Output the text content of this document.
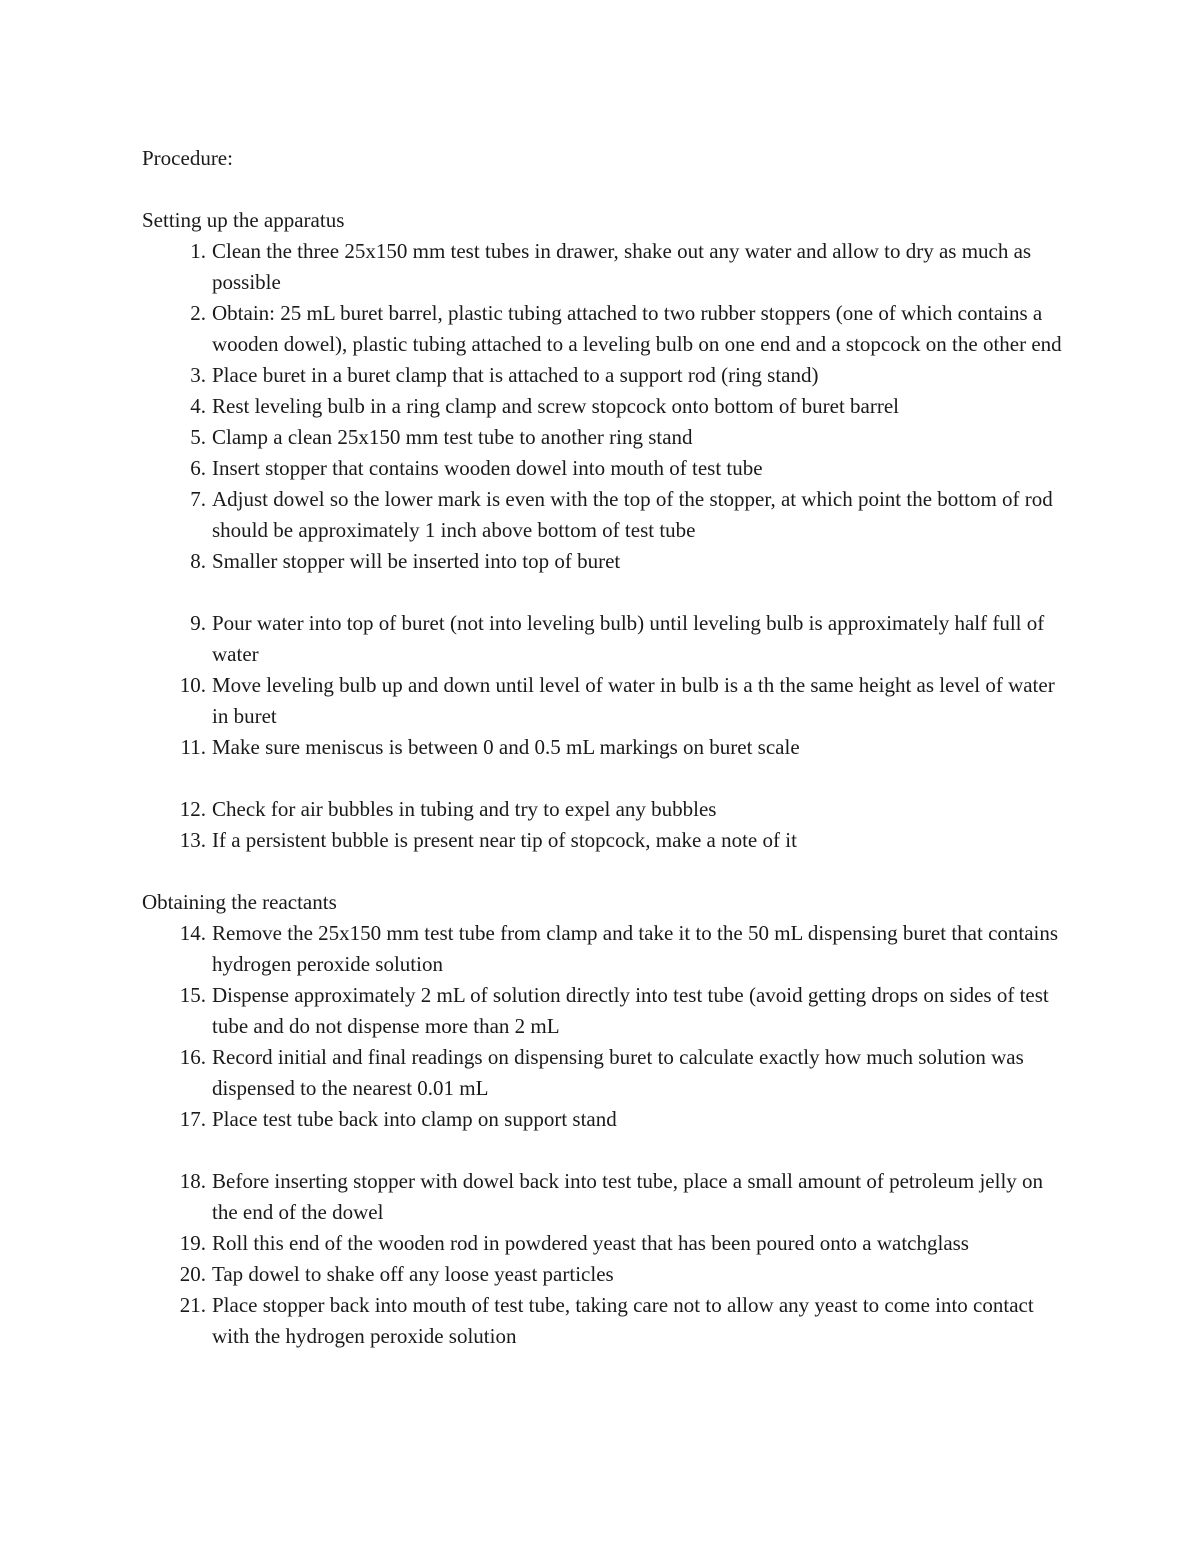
Procedure:

Setting up the apparatus

1. Clean the three 25x150 mm test tubes in drawer, shake out any water and allow to dry as much as possible
2. Obtain: 25 mL buret barrel, plastic tubing attached to two rubber stoppers (one of which contains a wooden dowel), plastic tubing attached to a leveling bulb on one end and a stopcock on the other end
3. Place buret in a buret clamp that is attached to a support rod (ring stand)
4. Rest leveling bulb in a ring clamp and screw stopcock onto bottom of buret barrel
5. Clamp a clean 25x150 mm test tube to another ring stand
6. Insert stopper that contains wooden dowel into mouth of test tube
7. Adjust dowel so the lower mark is even with the top of the stopper, at which point the bottom of rod should be approximately 1 inch above bottom of test tube
8. Smaller stopper will be inserted into top of buret
9. Pour water into top of buret (not into leveling bulb) until leveling bulb is approximately half full of water
10. Move leveling bulb up and down until level of water in bulb is a th the same height as level of water in buret
11. Make sure meniscus is between 0 and 0.5 mL markings on buret scale
12. Check for air bubbles in tubing and try to expel any bubbles
13. If a persistent bubble is present near tip of stopcock, make a note of it

Obtaining the reactants

14. Remove the 25x150 mm test tube from clamp and take it to the 50 mL dispensing buret that contains hydrogen peroxide solution
15. Dispense approximately 2 mL of solution directly into test tube (avoid getting drops on sides of test tube and do not dispense more than 2 mL
16. Record initial and final readings on dispensing buret to calculate exactly how much solution was dispensed to the nearest 0.01 mL
17. Place test tube back into clamp on support stand
18. Before inserting stopper with dowel back into test tube, place a small amount of petroleum jelly on the end of the dowel
19. Roll this end of the wooden rod in powdered yeast that has been poured onto a watchglass
20. Tap dowel to shake off any loose yeast particles
21. Place stopper back into mouth of test tube, taking care not to allow any yeast to come into contact with the hydrogen peroxide solution
